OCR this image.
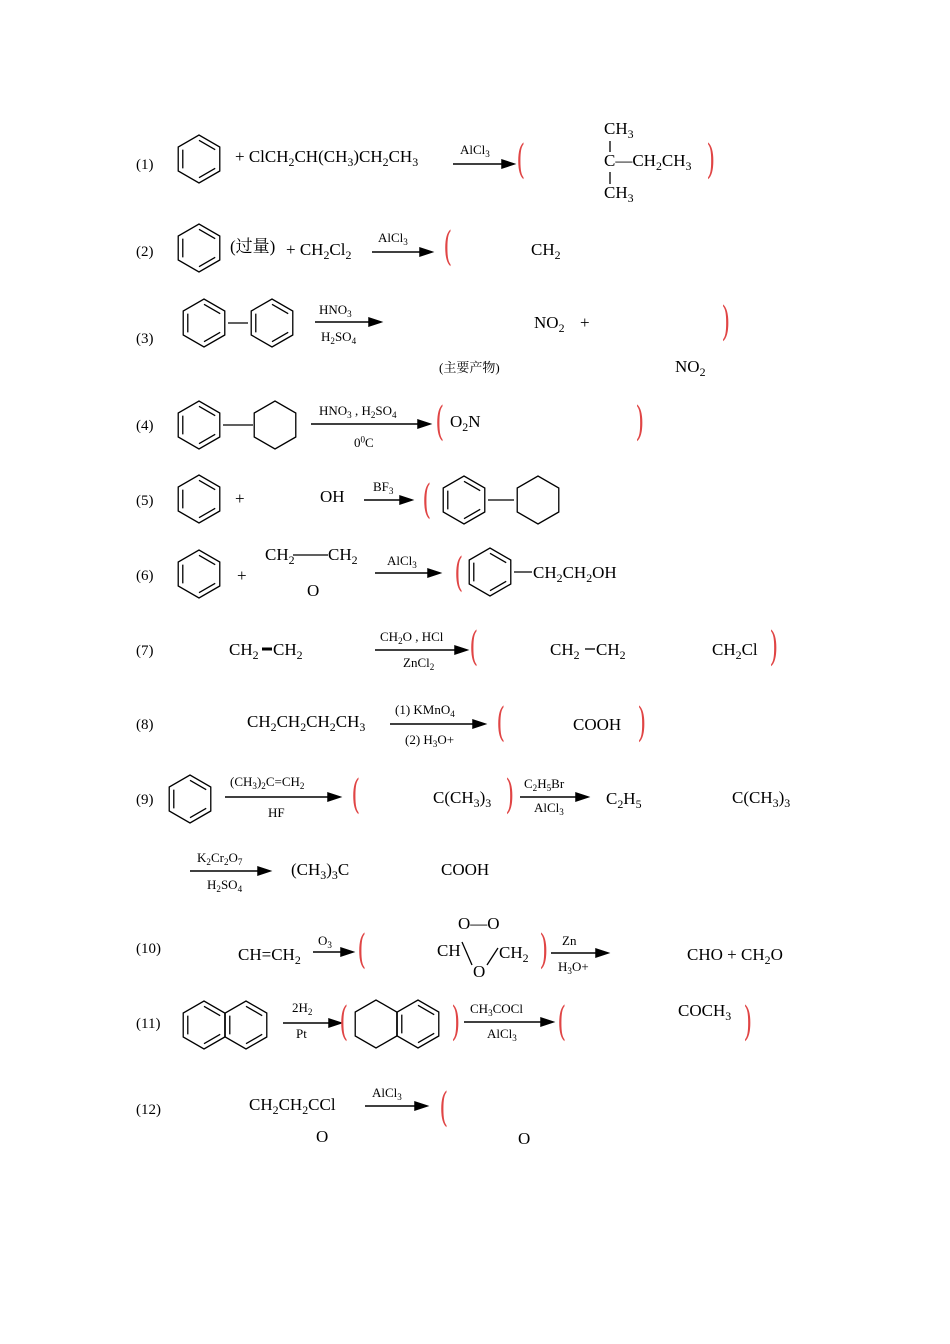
(1)
(2)
(3)
(4)
(5)
(6)
(7)
(8)
(9)
(10)
(11)
(12)
+ $ClCH_2CH(CH_3)CH_2CH_3$
AlCl$_3$ (
$CH_3$
$C—CH_2CH_3$
$CH_3$
)
(过量) + $CH_2Cl_2$
AlCl$_3$ (	$CH_2$
$HNO_3$
$H_2SO_4$
$NO_2$ +	)
(主要产物)	$NO_2$
$HNO_3$ , $H_2SO_4$
$0^0C$ ( $O_2N$	)
+	OH
$BF_3$ (
+
$CH_2$ $CH_2$
O
AlCl$_3$ (	$CH_2CH_2OH$
$CH_2$ $CH_2$
$CH_2O$ , HCl
ZnCl$_2$ (	$CH_2$ $CH_2$	$CH_2Cl$ )
$CH_2CH_2CH_2CH_3$
(1) KMnO$_4$
(2) $H_3O+$ (	COOH )
$(CH_3)_2C=CH_2$
HF (	$C(CH_3)_3$ ) $C_2H_5Br$
AlCl$_3$
$C_2H_5$	$C(CH_3)_3$
$K_2Cr_2O_7$
$H_2SO_4$
$(CH_3)_3C$	COOH
$CH=CH_2$
$O_3$ (
O—O
CH
O
$CH_2$ ) Zn
$H_3O+$
CHO + $CH_2O$
$2H_2$
Pt (	) $CH_3COCl$
AlCl$_3$ (	$COCH_3$ )
$CH_2CH_2CCl$
O
AlCl$_3$ (
O
